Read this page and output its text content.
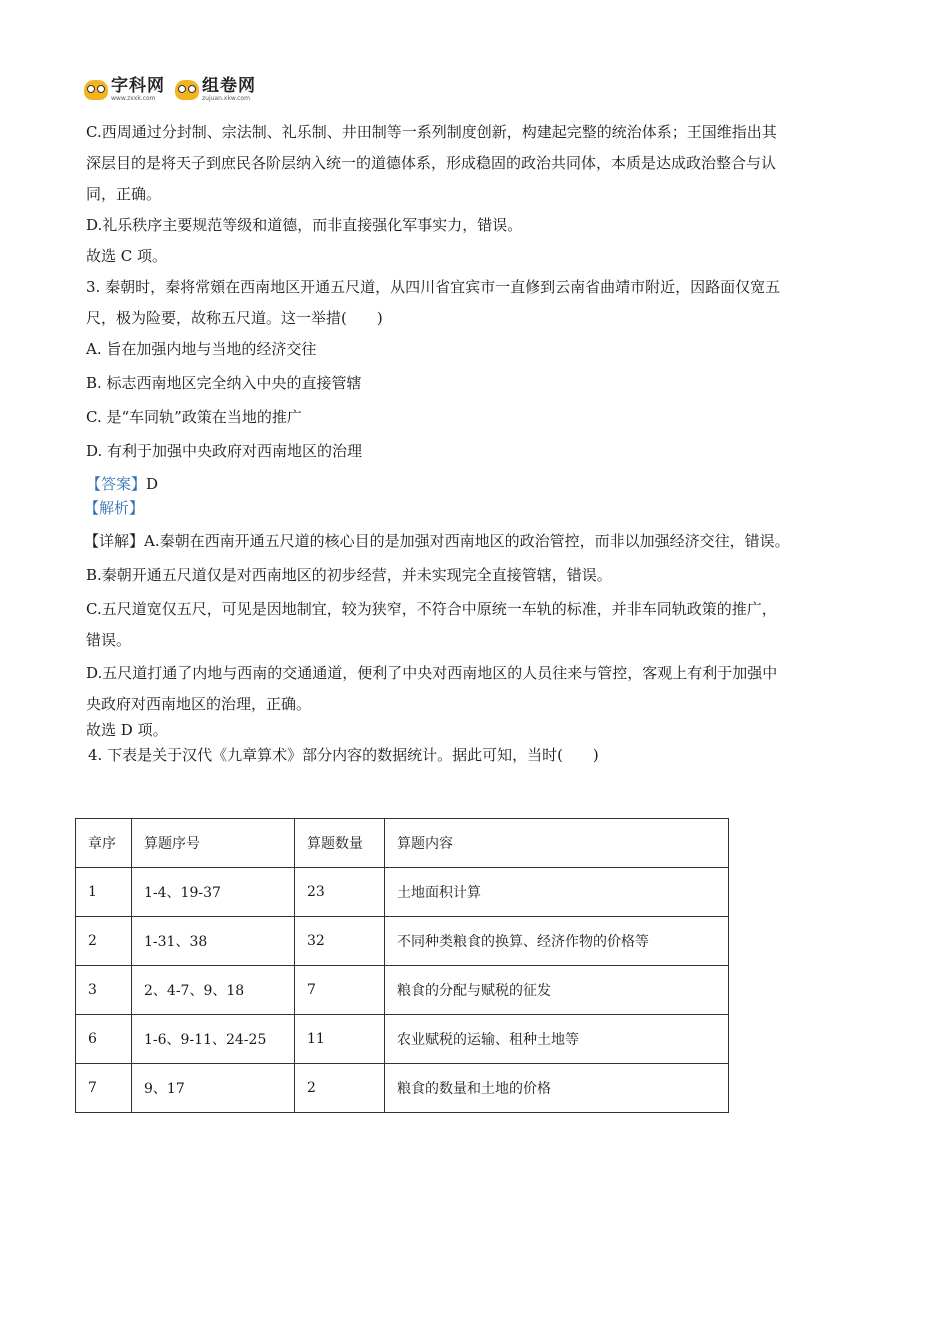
字科网
www.zxxk.com
组卷网
zujuan.xkw.com

C.西周通过分封制、宗法制、礼乐制、井田制等一系列制度创新，构建起完整的统治体系；王国维指出其

深层目的是将天子到庶民各阶层纳入统一的道德体系，形成稳固的政治共同体，本质是达成政治整合与认

同，正确。

D.礼乐秩序主要规范等级和道德，而非直接强化军事实力，错误。

故选 C 项。

3. 秦朝时，秦将常頞在西南地区开通五尺道，从四川省宜宾市一直修到云南省曲靖市附近，因路面仅宽五

尺，极为险要，故称五尺道。这一举措(　　)

A. 旨在加强内地与当地的经济交往

B. 标志西南地区完全纳入中央的直接管辖

C. 是“车同轨”政策在当地的推广

D. 有利于加强中央政府对西南地区的治理

【答案】D

【解析】

【详解】A.秦朝在西南开通五尺道的核心目的是加强对西南地区的政治管控，而非以加强经济交往，错误。

B.秦朝开通五尺道仅是对西南地区的初步经营，并未实现完全直接管辖，错误。

C.五尺道宽仅五尺，可见是因地制宜，较为狭窄，不符合中原统一车轨的标准，并非车同轨政策的推广，

错误。

D.五尺道打通了内地与西南的交通通道，便利了中央对西南地区的人员往来与管控，客观上有利于加强中

央政府对西南地区的治理，正确。

故选 D 项。

4. 下表是关于汉代《九章算术》部分内容的数据统计。据此可知，当时(　　)

章序	算题序号	算题数量	算题内容
1	1-4、19-37	23	土地面积计算
2	1-31、38	32	不同种类粮食的换算、经济作物的价格等
3	2、4-7、9、18	7	粮食的分配与赋税的征发
6	1-6、9-11、24-25	11	农业赋税的运输、租种土地等
7	9、17	2	粮食的数量和土地的价格
